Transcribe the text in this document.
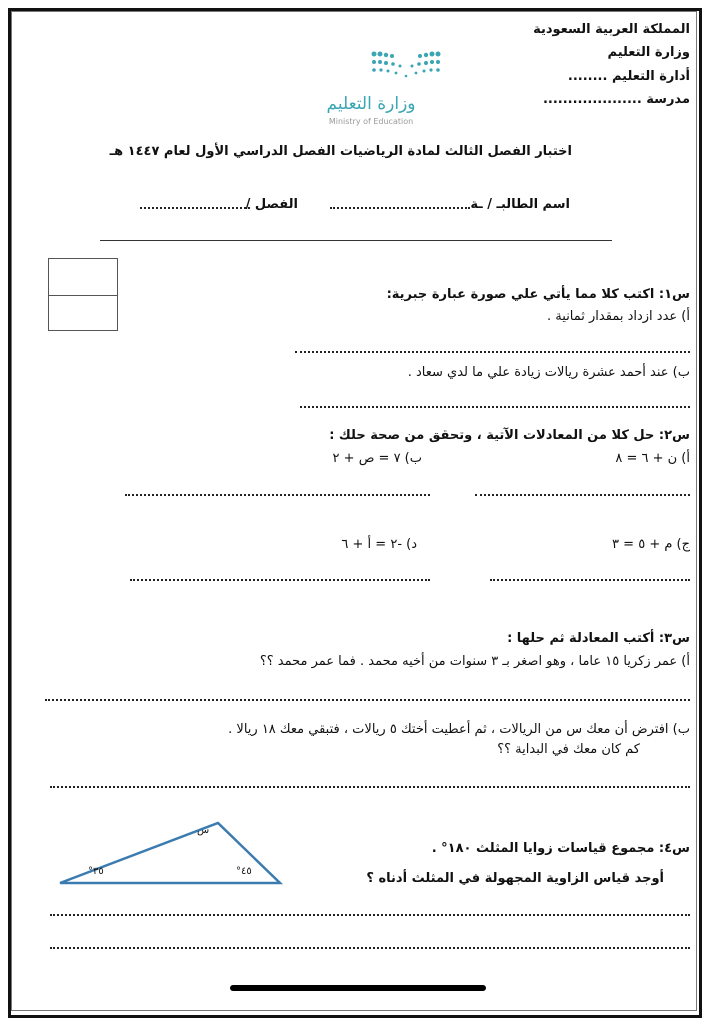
المملكة العربية السعودية
وزارة التعليم
أدارة التعليم ........
مدرسة ....................
وزارة التعليم
Ministry of Education
اختبار الفصل الثالث لمادة الرياضيات الفصل الدراسي الأول لعام ١٤٤٧ هـ
اسم الطالبـ / ـة
الفصل /
س١: اكتب كلا مما يأتي علي صورة عبارة جبرية:
أ) عدد ازداد بمقدار ثمانية .
ب) عند أحمد عشرة ريالات زيادة علي ما لدي سعاد .
س٢: حل كلا من المعادلات الآتية ، وتحقق من صحة حلك :
أ) ن + ٦ = ٨
ب) ٧ = ص + ٢
ج) م + ٥ = ٣
د) -٢ = أ + ٦
س٣: أكتب المعادلة ثم حلها :
أ) عمر زكريا ١٥ عاما ، وهو اصغر بـ ٣ سنوات من أخيه محمد . فما عمر محمد ؟؟
ب) افترض أن معك س من الريالات ، ثم أعطيت أختك ٥ ريالات ، فتبقي معك ١٨ ريالا .
كم كان معك في البداية ؟؟
س٤: مجموع قياسات زوايا المثلث ١٨٠° .
أوجد قياس الزاوية المجهولة في المثلث أدناه ؟
س
٣٥°	٤٥°
